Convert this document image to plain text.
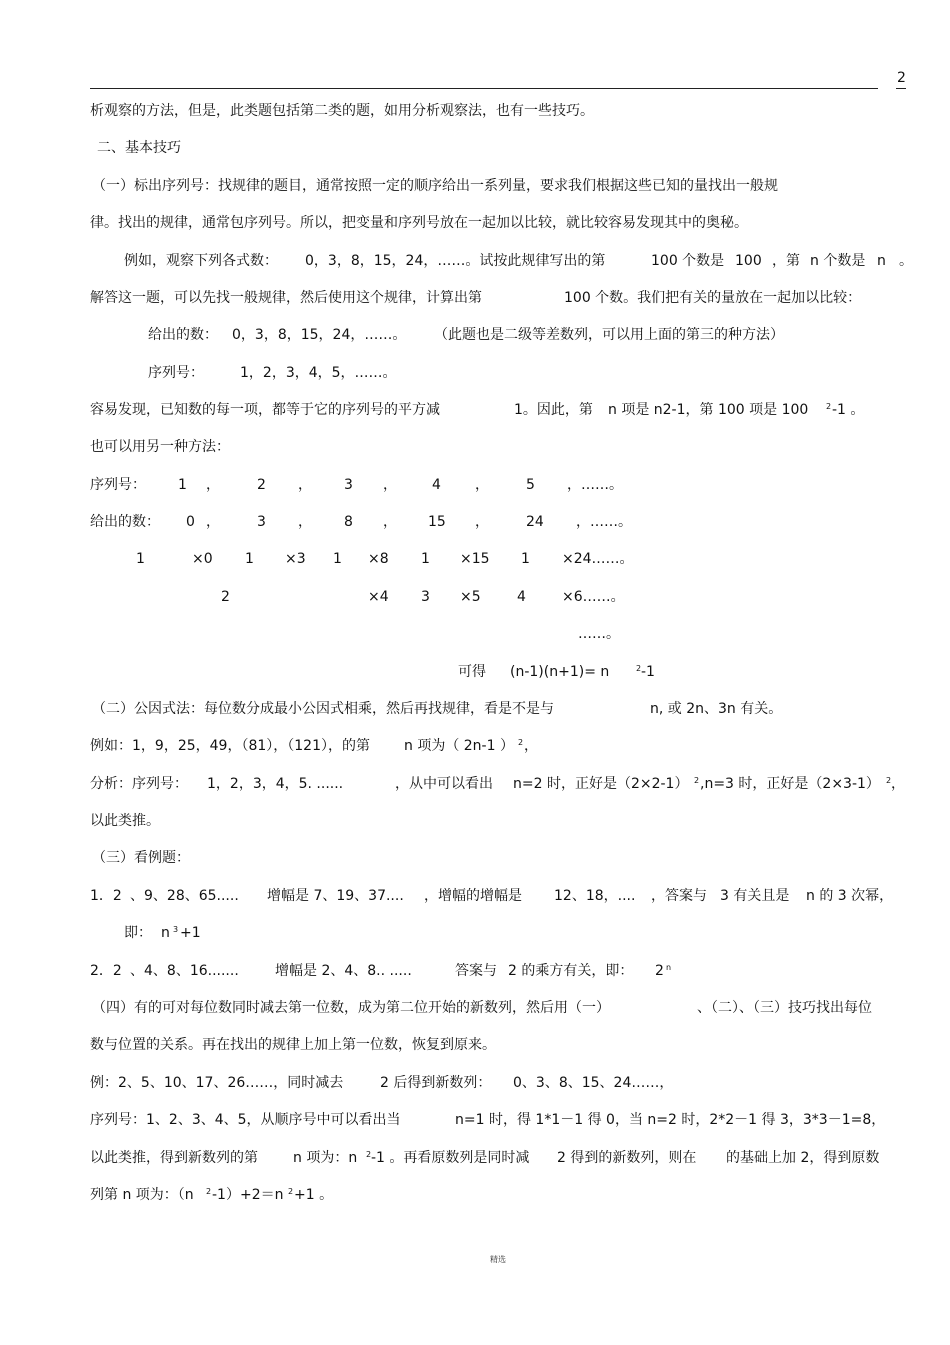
2
析观察的方法，但是，此类题包括第二类的题，如用分析观察法，也有一些技巧。
二、基本技巧
（一）标出序列号：找规律的题目，通常按照一定的顺序给出一系列量，要求我们根据这些已知的量找出一般规
律。找出的规律，通常包序列号。所以，把变量和序列号放在一起加以比较，就比较容易发现其中的奥秘。
例如，观察下列各式数： 0，3，8，15，24，……。试按此规律写出的第	100 个数是 100 ，第 n 个数是 n 。
解答这一题，可以先找一般规律，然后使用这个规律，计算出第	100 个数。我们把有关的量放在一起加以比较：
给出的数： 0，3，8，15，24，……。 （此题也是二级等差数列，可以用上面的第三的种方法）
序列号：	1，2，3，4，5，……。
容易发现，已知数的每一项，都等于它的序列号的平方减	1。因此，第 n 项是 n2-1，第 100 项是 100 2 -1 。
也可以用另一种方法：
序列号： 1 ，	2 ， 3 ，	4 ，	5 ，……。
给出的数： 0 ，	3 ， 8 ， 15 ，	24 ，……。
1	×0 1 ×3 1 ×8 1 ×15 1 ×24……。
2	×4 3 ×5	4	×6……。
……。
可得 (n-1)(n+1)= n	2 -1
（二）公因式法：每位数分成最小公因式相乘，然后再找规律，看是不是与	n, 或 2n、3n 有关。
例如：1，9，25，49，（81），（121），的第 n 项为（ 2n-1 ） 2 ，
分析：序列号： 1，2，3，4，5. ......	，从中可以看出 n=2 时，正好是（2×2-1） 2 ,n=3 时，正好是（2×3-1） 2 ，
以此类推。
（三）看例题：
1．2 、9、28、65..... 增幅是 7、19、37.... ，增幅的增幅是 12、18，.... ，答案与 3 有关且是 n 的 3 次幂，
即： n 3 +1
2．2 、4、8、16.......	增幅是 2、4、8.. .....	答案与 2 的乘方有关，即： 2 n
（四）有的可对每位数同时减去第一位数，成为第二位开始的新数列，然后用（一）	、（二）、（三）技巧找出每位
数与位置的关系。再在找出的规律上加上第一位数，恢复到原来。
例：2、5、10、17、26……，同时减去	2 后得到新数列： 0、3、8、15、24……，
序列号：1、2、3、4、5，从顺序号中可以看出当	n=1 时，得 1*1－1 得 0，当 n=2 时，2*2－1 得 3，3*3－1=8，
以此类推，得到新数列的第	n 项为：n 2 -1 。再看原数列是同时减 2 得到的新数列，则在 的基础上加 2，得到原数
列第 n 项为：（n 2 -1）+2＝n 2 +1 。
精选
